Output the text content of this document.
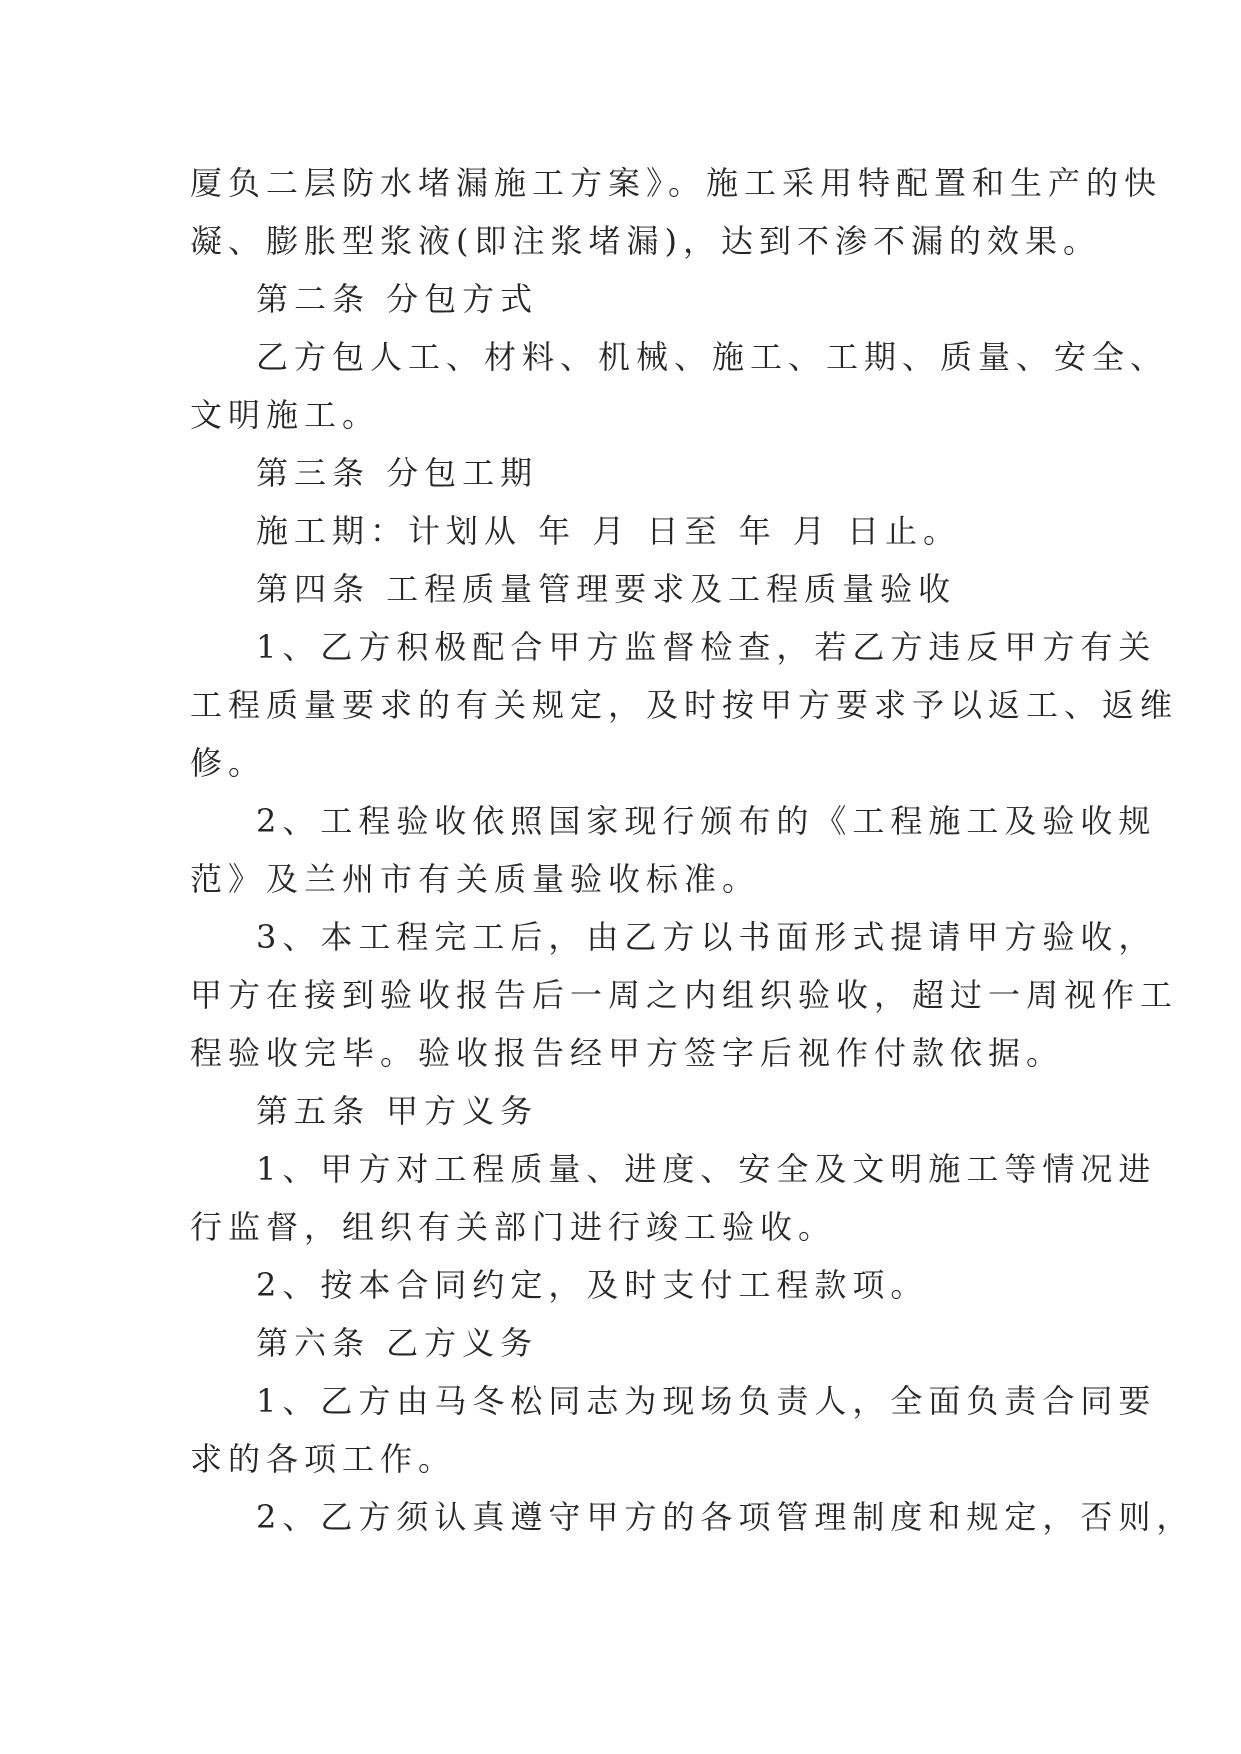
厦负二层防水堵漏施工方案》。施工采用特配置和生产的快
凝、膨胀型浆液(即注浆堵漏)，达到不渗不漏的效果。
第二条 分包方式
乙方包人工、材料、机械、施工、工期、质量、安全、
文明施工。
第三条 分包工期
施工期：计划从 年 月 日至 年 月 日止。
第四条 工程质量管理要求及工程质量验收
1、乙方积极配合甲方监督检查，若乙方违反甲方有关
工程质量要求的有关规定，及时按甲方要求予以返工、返维
修。
2、工程验收依照国家现行颁布的《工程施工及验收规
范》及兰州市有关质量验收标准。
3、本工程完工后，由乙方以书面形式提请甲方验收，
甲方在接到验收报告后一周之内组织验收，超过一周视作工
程验收完毕。验收报告经甲方签字后视作付款依据。
第五条 甲方义务
1、甲方对工程质量、进度、安全及文明施工等情况进
行监督，组织有关部门进行竣工验收。
2、按本合同约定，及时支付工程款项。
第六条 乙方义务
1、乙方由马冬松同志为现场负责人，全面负责合同要
求的各项工作。
2、乙方须认真遵守甲方的各项管理制度和规定，否则，
